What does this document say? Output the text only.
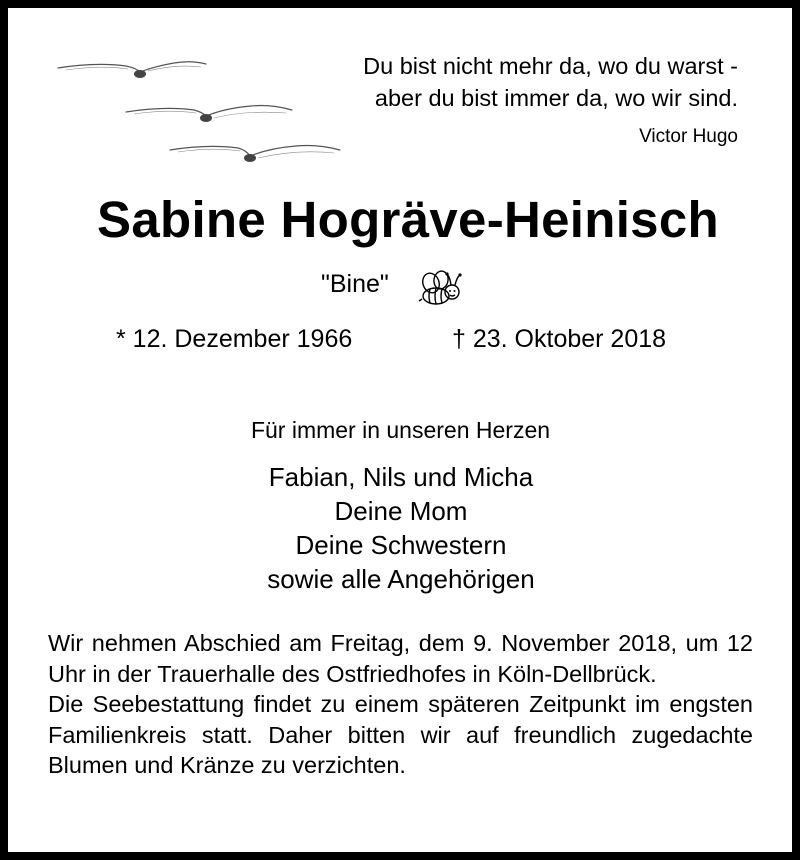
Du bist nicht mehr da, wo du warst -
aber du bist immer da, wo wir sind.
Victor Hugo
Sabine Hogräve-Heinisch
"Bine"
* 12. Dezember 1966	† 23. Oktober 2018
Für immer in unseren Herzen
Fabian, Nils und Micha
Deine Mom
Deine Schwestern
sowie alle Angehörigen
Wir nehmen Abschied am Freitag, dem 9. November 2018, um 12 Uhr in der Trauerhalle des Ostfriedhofes in Köln-Dellbrück.
Die Seebestattung findet zu einem späteren Zeitpunkt im engsten Familienkreis statt. Daher bitten wir auf freundlich zugedachte Blumen und Kränze zu verzichten.
